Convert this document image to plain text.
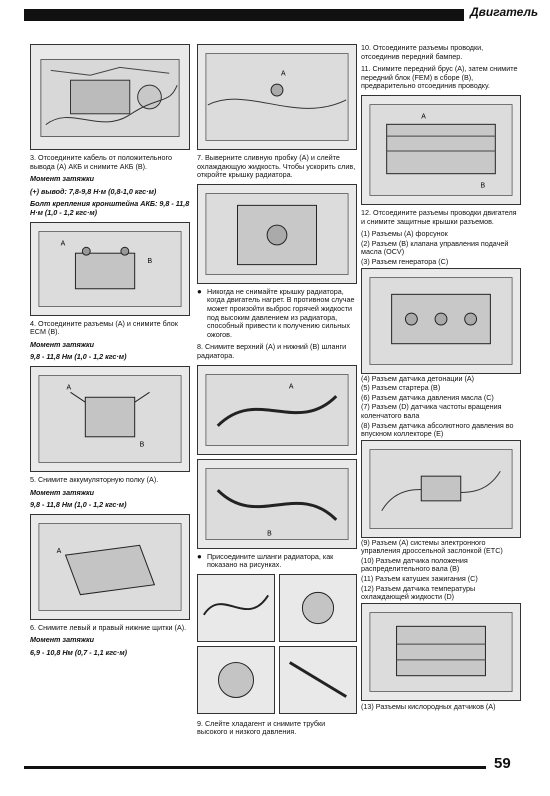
Двигатель
3. Отсоедините кабель от положительного вывода (А) АКБ и снимите АКБ (В).
Момент затяжки
(+) вывод: 7,8-9,8 Н·м (0,8-1,0 кгс·м)
Болт крепления кронштейна АКБ: 9,8 - 11,8 Н·м (1,0 - 1,2 кгс·м)
A
B
4. Отсоедините разъемы (А) и снимите блок ECM (B).
Момент затяжки
9,8 - 11,8 Нм (1,0 - 1,2 кгс·м)
A
B
5. Снимите аккумуляторную полку (А).
Момент затяжки
9,8 - 11,8 Нм (1,0 - 1,2 кгс·м)
A
6. Снимите левый и правый нижние щитки (А).
Момент затяжки
6,9 - 10,8 Нм (0,7 - 1,1 кгс·м)
A
7. Выверните сливную пробку (А) и слейте охлаждающую жидкость. Чтобы ускорить слив, откройте крышку радиатора.
● Никогда не снимайте крышку радиатора, когда двигатель нагрет. В противном случае может произойти выброс горячей жидкости под высоким давлением из радиатора, способный привести к получению сильных ожогов.
8. Снимите верхний (А) и нижний (В) шланги радиатора.
A
B
● Присоедините шланги радиатора, как показано на рисунках.
9. Слейте хладагент и снимите трубки высокого и низкого давления.
10. Отсоедините разъемы проводки, отсоединив передний бампер.
11. Снимите передний брус (А), затем снимите передний блок (FEM) в сборе (В), предварительно отсоединив проводку.
A
B
12. Отсоедините разъемы проводки двигателя и снимите защитные крышки разъемов.
(1) Разъемы (А) форсунок
(2) Разъем (В) клапана управления подачей масла (OCV)
(3) Разъем генератора (С)
(4) Разъем датчика детонации (А)
(5) Разъем стартера (В)
(6) Разъем датчика давления масла (С)
(7) Разъем (D) датчика частоты вращения коленчатого вала
(8) Разъем датчика абсолютного давления во впускном коллекторе (Е)
(9) Разъем (А) системы электронного управления дроссельной заслонкой (ETC)
(10) Разъем датчика положения распределительного вала (В)
(11) Разъем катушек зажигания (С)
(12) Разъем датчика температуры охлаждающей жидкости (D)
(13) Разъемы кислородных датчиков (А)
59
